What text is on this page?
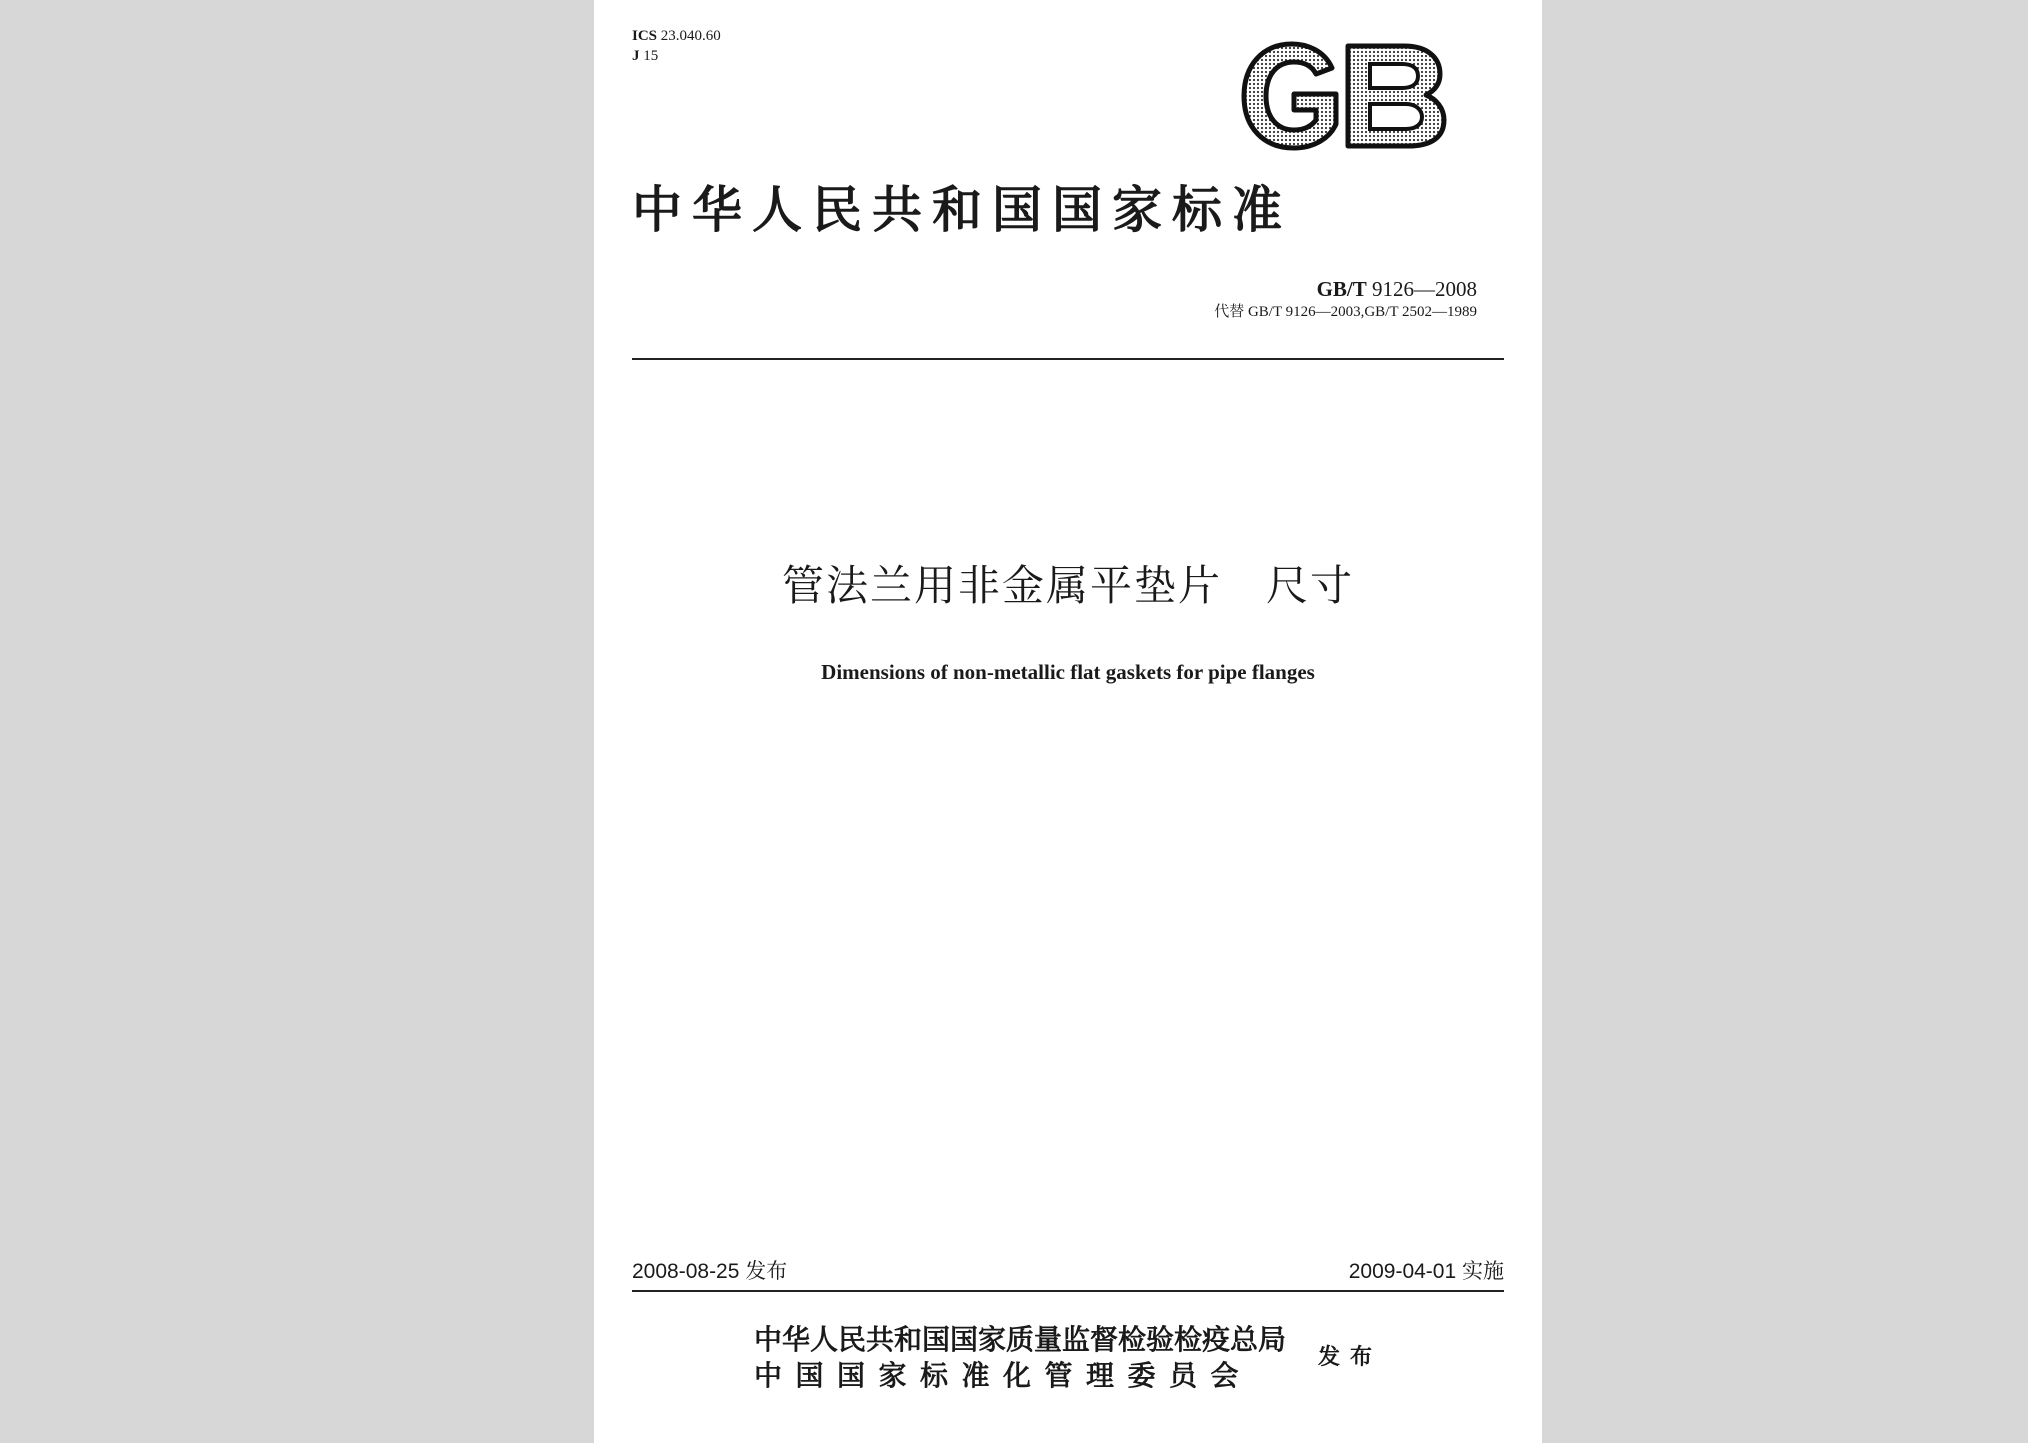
ICS 23.040.60
J 15
中华人民共和国国家标准
GB/T 9126—2008
代替 GB/T 9126—2003,GB/T 2502—1989
管法兰用非金属平垫片　尺寸
Dimensions of non-metallic flat gaskets for pipe flanges
2008-08-25 发布	2009-04-01 实施
中华人民共和国国家质量监督检验检疫总局
中国国家标准化管理委员会
发布
